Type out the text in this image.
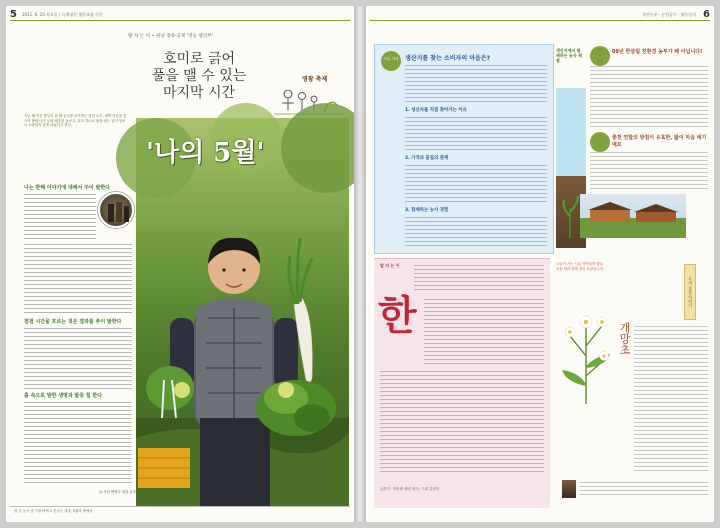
5 2011. 6. 20 월요일 | 녹색평론 협동조합 신문
발 자 는 이 • 위낭 경축·공제 '영농 청년부'
호미로 긁어
풀을 맬 수 있는
마지막 시간
영왕 축제
지난 해 이른 봄부터 한 해 농사를 준비하는 청년 농부. 새벽 이슬을 맞으며 밭에 나가 무와 배추를 돌보고, 호미 하나로 풀을 매는 일이 얼마나 소중한지 알게 되었다고 한다.
나는 한해 이야기에 대해서 주어 발한다
점점 시간을 흐르는 것은 결과를 추이 발한다
흙 속으로 발한 생명과 밭중 힘 한다
글·사진 박영수 청년 농부
일 년 농사 중 가장 바쁘고 신나는 계절, 5월의 밭에서.
'나의 5월'
청년농부 · 농업공동 · 영농일지 6
이슈 기자	생산지를 찾는 소비자의 마음은?
1. 생산자를 직접 찾아가는 이유
2. 가격과 품질의 관계
3. 함께하는 농사 경험
생산지에서 함께하는 농사 체험
09년 한살림 친환경 농부가 해 아닙니다!
충천 연합의 방침이 유효한, 밟이 마음 예기예요
발 자 는 이
한
글쓴이 · 박승원 생태 작가 / 그림 김선미
나들이 가는 시골 아이들의 발걸음을 따라 함께 걸어 보았습니다.
개망초
우리 풀꽃 이야기
